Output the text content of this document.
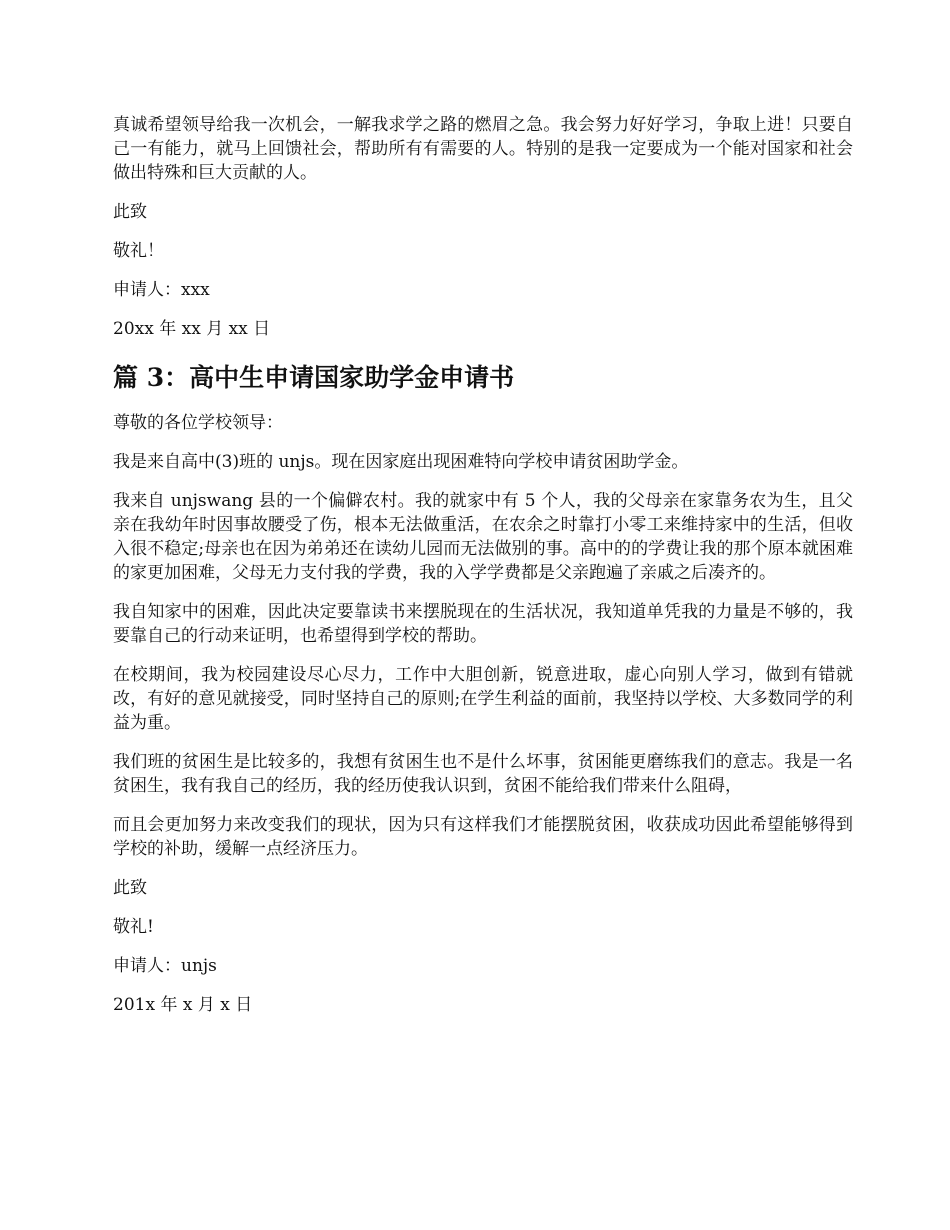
真诚希望领导给我一次机会，一解我求学之路的燃眉之急。我会努力好好学习，争取上进！只要自己一有能力，就马上回馈社会，帮助所有有需要的人。特别的是我一定要成为一个能对国家和社会做出特殊和巨大贡献的人。

此致

敬礼！

申请人：xxx

20xx 年 xx 月 xx 日

篇 3：高中生申请国家助学金申请书

尊敬的各位学校领导：

我是来自高中(3)班的 unjs。现在因家庭出现困难特向学校申请贫困助学金。

我来自 unjswang 县的一个偏僻农村。我的就家中有 5 个人，我的父母亲在家靠务农为生，且父亲在我幼年时因事故腰受了伤，根本无法做重活，在农余之时靠打小零工来维持家中的生活，但收入很不稳定;母亲也在因为弟弟还在读幼儿园而无法做别的事。高中的的学费让我的那个原本就困难的家更加困难，父母无力支付我的学费，我的入学学费都是父亲跑遍了亲戚之后凑齐的。

我自知家中的困难，因此决定要靠读书来摆脱现在的生活状况，我知道单凭我的力量是不够的，我要靠自己的行动来证明，也希望得到学校的帮助。

在校期间，我为校园建设尽心尽力，工作中大胆创新，锐意进取，虚心向别人学习，做到有错就改，有好的意见就接受，同时坚持自己的原则;在学生利益的面前，我坚持以学校、大多数同学的利益为重。

我们班的贫困生是比较多的，我想有贫困生也不是什么坏事，贫困能更磨练我们的意志。我是一名贫困生，我有我自己的经历，我的经历使我认识到，贫困不能给我们带来什么阻碍，

而且会更加努力来改变我们的现状，因为只有这样我们才能摆脱贫困，收获成功因此希望能够得到学校的补助，缓解一点经济压力。

此致

敬礼!

申请人：unjs

201x 年 x 月 x 日
